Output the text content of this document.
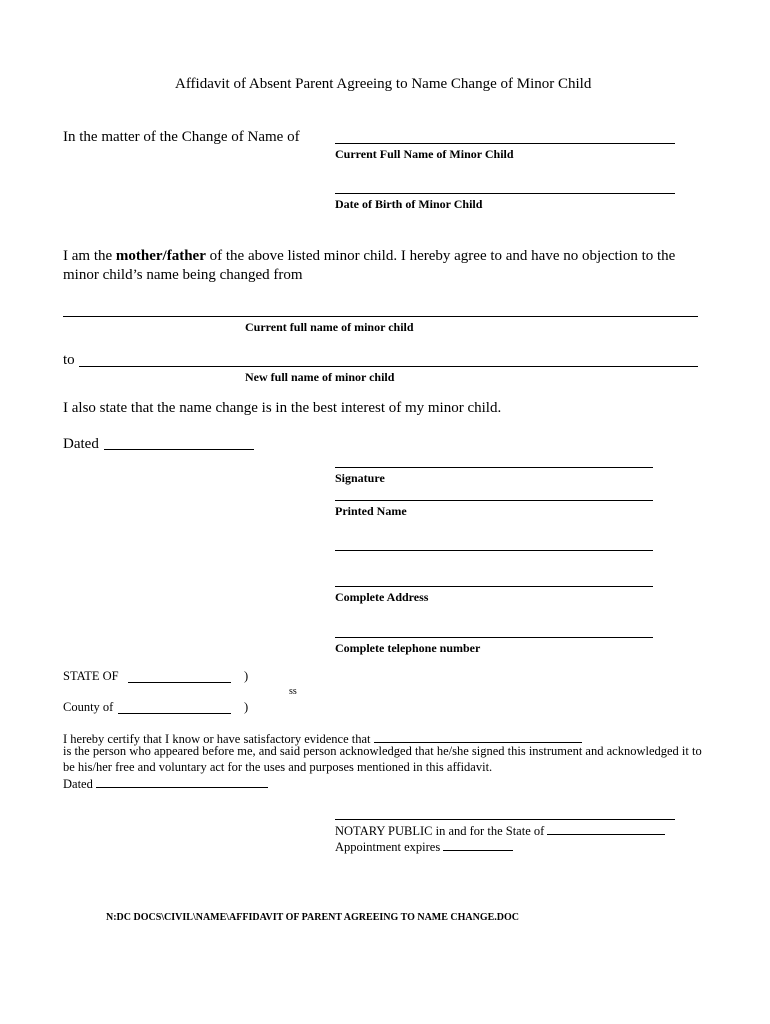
Affidavit of Absent Parent Agreeing to Name Change of Minor Child
In the matter of the Change of Name of
Current Full Name of Minor Child
Date of Birth of Minor Child
I am the mother/father of the above listed minor child. I hereby agree to and have no objection to the
minor child’s name being changed from
Current full name of minor child
to
New full name of minor child
I also state that the name change is in the best interest of my minor child.
Dated
Signature
Printed Name
Complete Address
Complete telephone number
STATE OF	)
ss
County of	)
I hereby certify that I know or have satisfactory evidence that
is the person who appeared before me, and said person acknowledged that he/she signed this instrument and acknowledged it to
be his/her free and voluntary act for the uses and purposes mentioned in this affidavit.
Dated
NOTARY PUBLIC in and for the State of
Appointment expires
N:DC DOCS\CIVIL\NAME\AFFIDAVIT OF PARENT AGREEING TO NAME CHANGE.DOC
